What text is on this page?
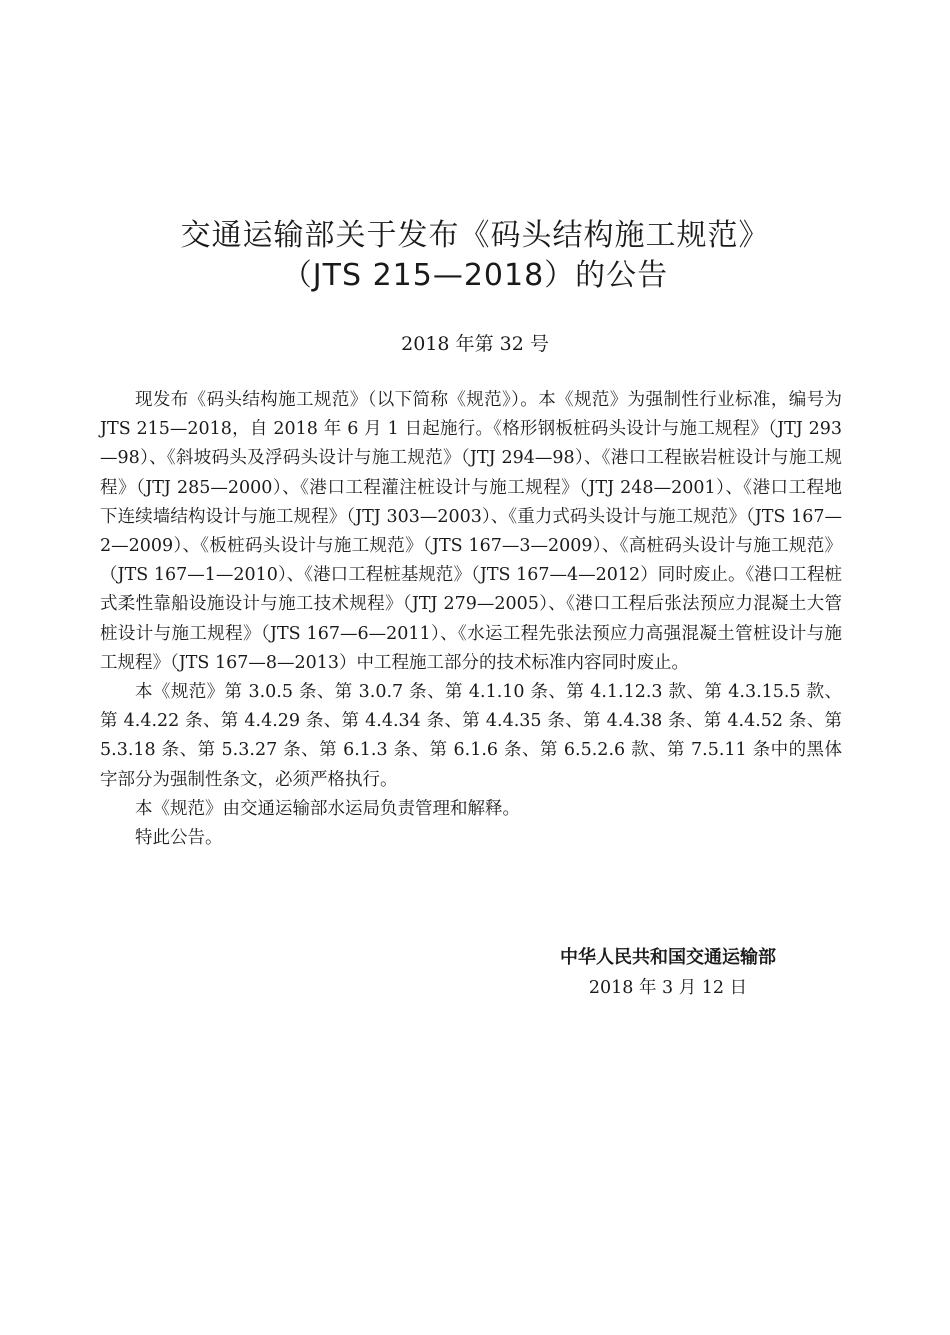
交通运输部关于发布《码头结构施工规范》
（JTS 215—2018）的公告

2018 年第 32 号

现发布《码头结构施工规范》（以下简称《规范》）。本《规范》为强制性行业标准，编号为 JTS 215—2018，自 2018 年 6 月 1 日起施行。《格形钢板桩码头设计与施工规程》（JTJ 293—98）、《斜坡码头及浮码头设计与施工规范》（JTJ 294—98）、《港口工程嵌岩桩设计与施工规程》（JTJ 285—2000）、《港口工程灌注桩设计与施工规程》（JTJ 248—2001）、《港口工程地下连续墙结构设计与施工规程》（JTJ 303—2003）、《重力式码头设计与施工规范》（JTS 167—2—2009）、《板桩码头设计与施工规范》（JTS 167—3—2009）、《高桩码头设计与施工规范》（JTS 167—1—2010）、《港口工程桩基规范》（JTS 167—4—2012）同时废止。《港口工程桩式柔性靠船设施设计与施工技术规程》（JTJ 279—2005）、《港口工程后张法预应力混凝土大管桩设计与施工规程》（JTS 167—6—2011）、《水运工程先张法预应力高强混凝土管桩设计与施工规程》（JTS 167—8—2013）中工程施工部分的技术标准内容同时废止。

本《规范》第 3.0.5 条、第 3.0.7 条、第 4.1.10 条、第 4.1.12.3 款、第 4.3.15.5 款、第 4.4.22 条、第 4.4.29 条、第 4.4.34 条、第 4.4.35 条、第 4.4.38 条、第 4.4.52 条、第 5.3.18 条、第 5.3.27 条、第 6.1.3 条、第 6.1.6 条、第 6.5.2.6 款、第 7.5.11 条中的黑体字部分为强制性条文，必须严格执行。

本《规范》由交通运输部水运局负责管理和解释。

特此公告。

中华人民共和国交通运输部

2018 年 3 月 12 日
